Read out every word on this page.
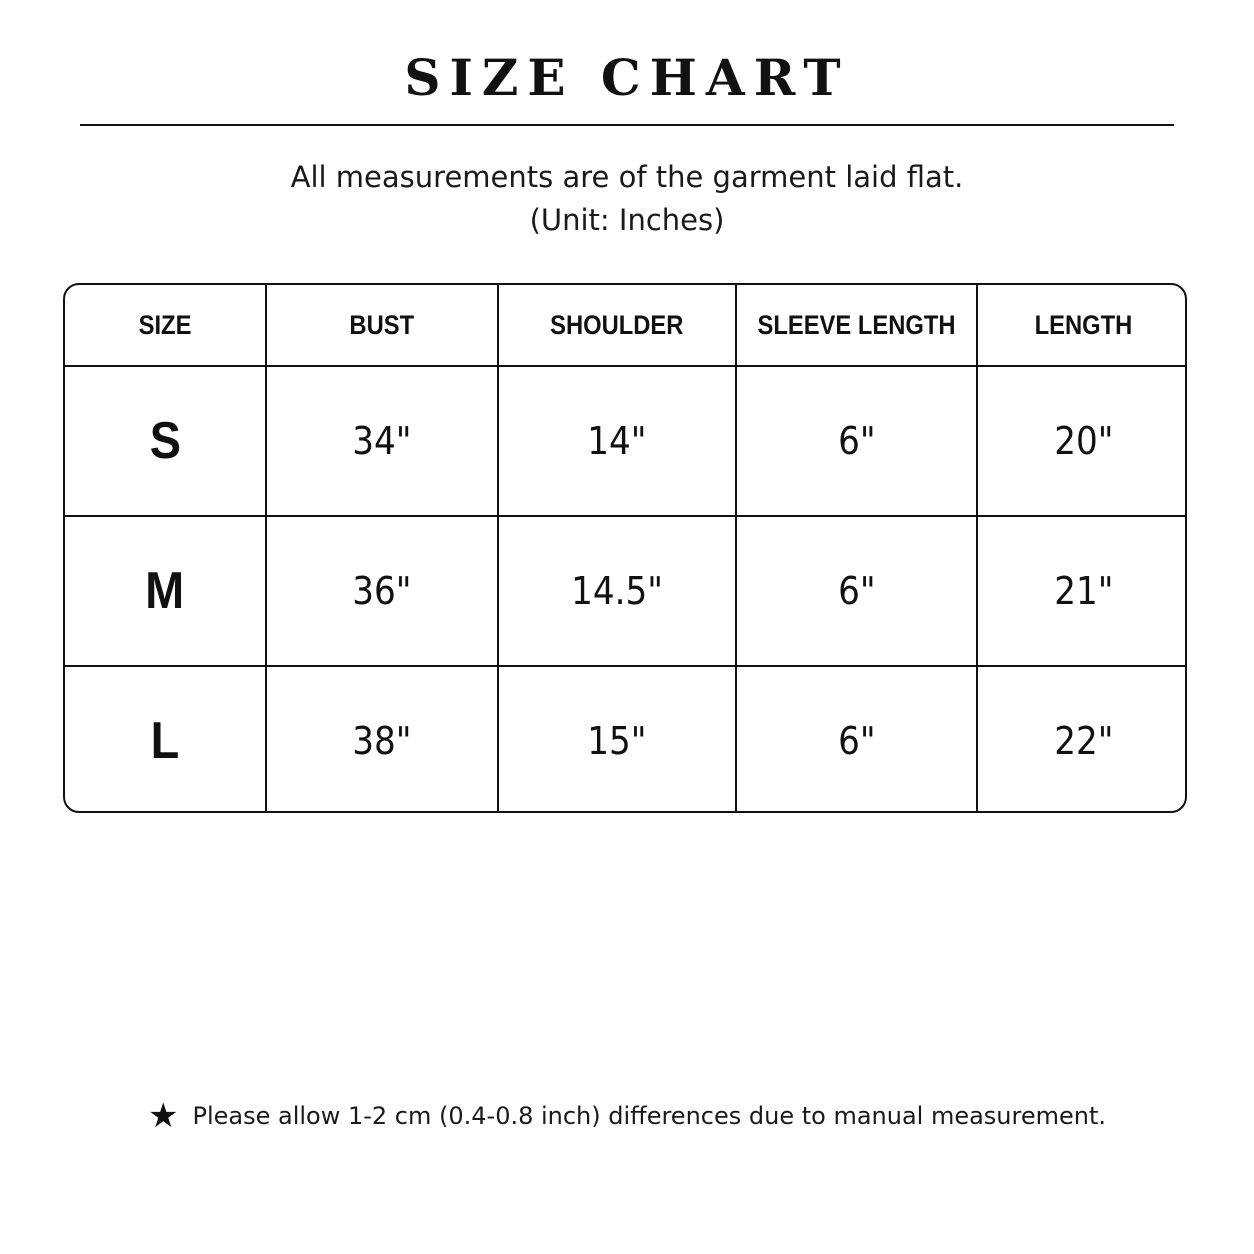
SIZE CHART
All measurements are of the garment laid flat.
(Unit: Inches)
SIZE	BUST	SHOULDER	SLEEVE LENGTH	LENGTH
S	34"	14"	6"	20"
M	36"	14.5"	6"	21"
L	38"	15"	6"	22"
★ Please allow 1-2 cm (0.4-0.8 inch) differences due to manual measurement.
